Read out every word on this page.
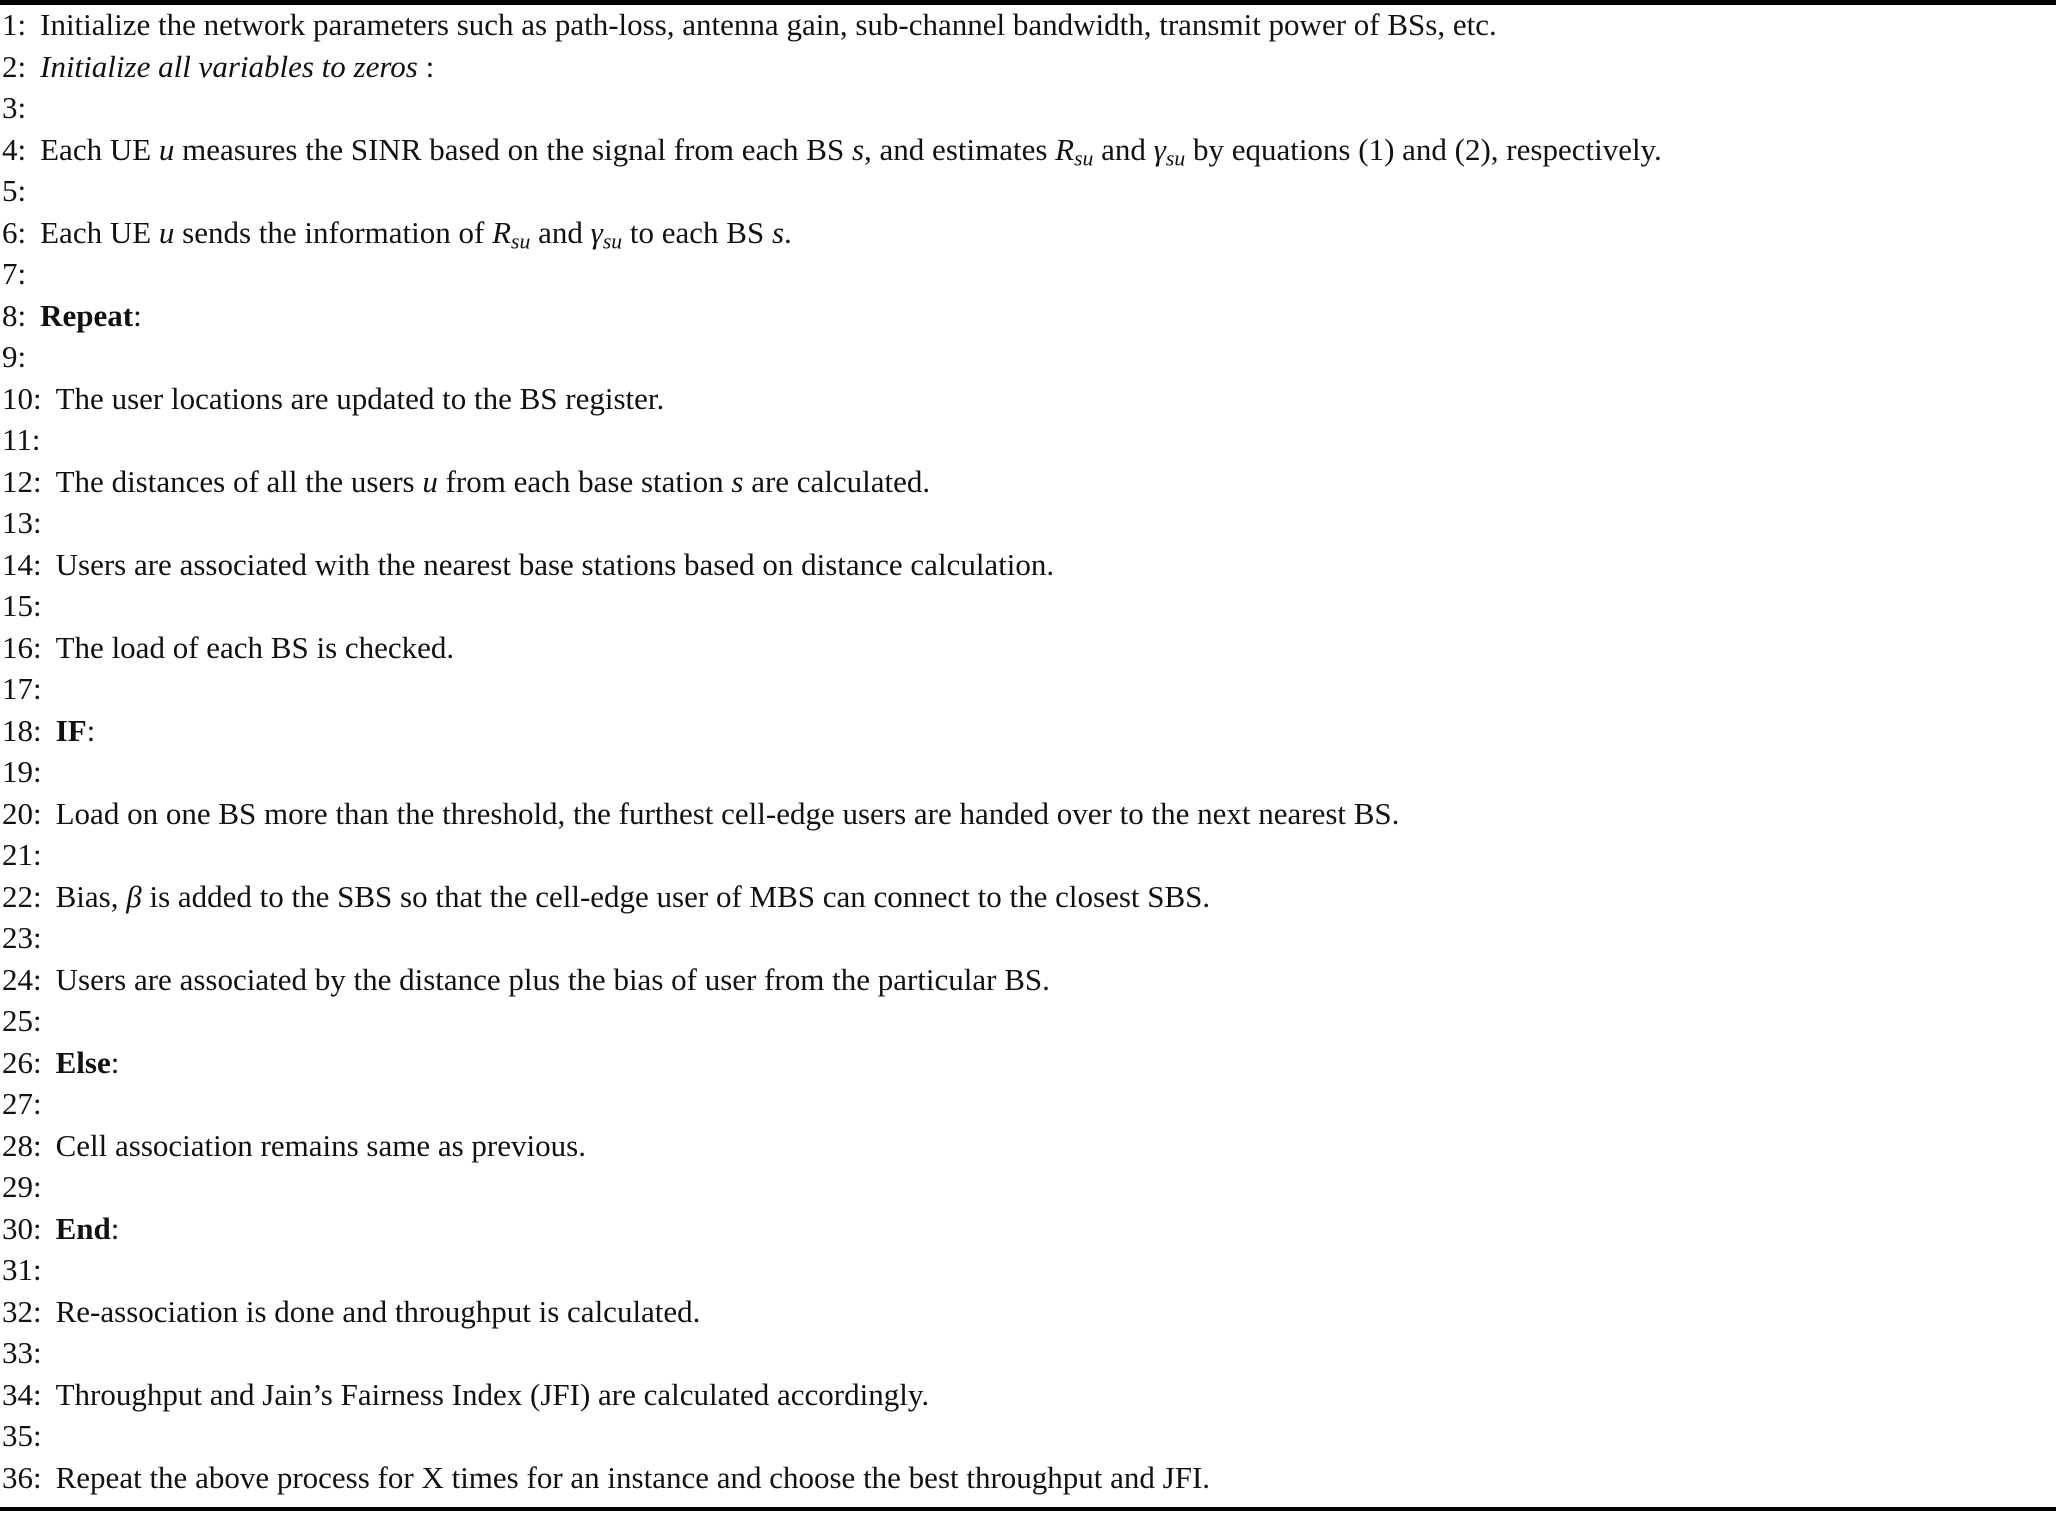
1: Initialize the network parameters such as path-loss, antenna gain, sub-channel bandwidth, transmit power of BSs, etc.
2: Initialize all variables to zeros :
3:
4: Each UE u measures the SINR based on the signal from each BS s, and estimates $R_{su}$ and $\gamma_{su}$ by equations (1) and (2), respectively.
5:
6: Each UE u sends the information of $R_{su}$ and $\gamma_{su}$ to each BS s.
7:
8: Repeat:
9:
10: The user locations are updated to the BS register.
11:
12: The distances of all the users u from each base station s are calculated.
13:
14: Users are associated with the nearest base stations based on distance calculation.
15:
16: The load of each BS is checked.
17:
18: IF:
19:
20: Load on one BS more than the threshold, the furthest cell-edge users are handed over to the next nearest BS.
21:
22: Bias, β is added to the SBS so that the cell-edge user of MBS can connect to the closest SBS.
23:
24: Users are associated by the distance plus the bias of user from the particular BS.
25:
26: Else:
27:
28: Cell association remains same as previous.
29:
30: End:
31:
32: Re-association is done and throughput is calculated.
33:
34: Throughput and Jain’s Fairness Index (JFI) are calculated accordingly.
35:
36: Repeat the above process for X times for an instance and choose the best throughput and JFI.
